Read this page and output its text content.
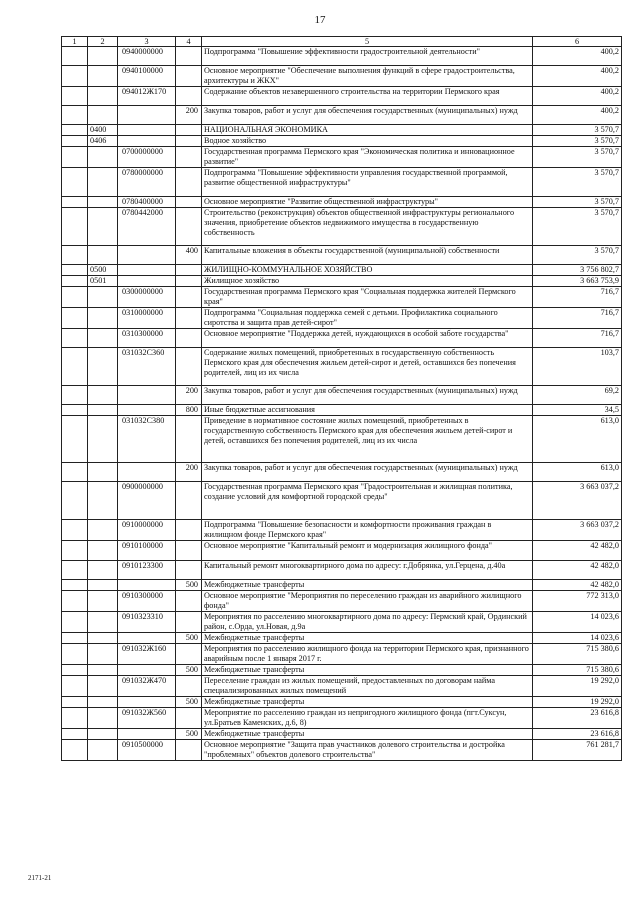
17
1	2	3	4	5	6
		0940000000		Подпрограмма "Повышение эффективности градостроительной деятельности"	400,2
		0940100000		Основное мероприятие "Обеспечение выполнения функций в сфере градостроительства, архитектуры и ЖКХ"	400,2
		094012Ж170		Содержание объектов незавершенного строительства на территории Пермского края	400,2
			200	Закупка товаров, работ и услуг для обеспечения государственных (муниципальных) нужд	400,2
	0400			НАЦИОНАЛЬНАЯ ЭКОНОМИКА	3 570,7
	0406			Водное хозяйство	3 570,7
		0700000000		Государственная программа Пермского края "Экономическая политика и инновационное развитие"	3 570,7
		0780000000		Подпрограмма "Повышение эффективности управления государственной программой, развитие общественной инфраструктуры"	3 570,7
		0780400000		Основное мероприятие "Развитие общественной инфраструктуры"	3 570,7
		0780442000		Строительство (реконструкция) объектов общественной инфраструктуры регионального значения, приобретение объектов недвижимого имущества в государственную собственность	3 570,7
			400	Капитальные вложения в объекты государственной (муниципальной) собственности	3 570,7
	0500			ЖИЛИЩНО-КОММУНАЛЬНОЕ ХОЗЯЙСТВО	3 756 802,7
	0501			Жилищное хозяйство	3 663 753,9
		0300000000		Государственная программа Пермского края "Социальная поддержка жителей Пермского края"	716,7
		0310000000		Подпрограмма "Социальная поддержка семей с детьми. Профилактика социального сиротства и защита прав детей-сирот"	716,7
		0310300000		Основное мероприятие "Поддержка детей, нуждающихся в особой заботе государства"	716,7
		031032С360		Содержание жилых помещений, приобретенных в государственную собственность Пермского края для обеспечения жильем детей-сирот и детей, оставшихся без попечения родителей, лиц из их числа	103,7
			200	Закупка товаров, работ и услуг для обеспечения государственных (муниципальных) нужд	69,2
			800	Иные бюджетные ассигнования	34,5
		031032С380		Приведение в нормативное состояние жилых помещений, приобретенных в государственную собственность Пермского края для обеспечения жильем детей-сирот и детей, оставшихся без попечения родителей, лиц из их числа	613,0
			200	Закупка товаров, работ и услуг для обеспечения государственных (муниципальных) нужд	613,0
		0900000000		Государственная программа Пермского края "Градостроительная и жилищная политика, создание условий для комфортной городской среды"	3 663 037,2
		0910000000		Подпрограмма "Повышение безопасности и комфортности проживания граждан в жилищном фонде Пермского края"	3 663 037,2
		0910100000		Основное мероприятие "Капитальный ремонт и модернизация жилищного фонда"	42 482,0
		0910123300		Капитальный ремонт многоквартирного дома по адресу: г.Добрянка, ул.Герцена, д.40а	42 482,0
			500	Межбюджетные трансферты	42 482,0
		0910300000		Основное мероприятие "Мероприятия по переселению граждан из аварийного жилищного фонда"	772 313,0
		0910323310		Мероприятия по расселению многоквартирного дома по адресу: Пермский край, Ординский район, с.Орда, ул.Новая, д.9а	14 023,6
			500	Межбюджетные трансферты	14 023,6
		091032Ж160		Мероприятия по расселению жилищного фонда на территории Пермского края, признанного аварийным после 1 января 2017 г.	715 380,6
			500	Межбюджетные трансферты	715 380,6
		091032Ж470		Переселение граждан из жилых помещений, предоставленных по договорам найма специализированных жилых помещений	19 292,0
			500	Межбюджетные трансферты	19 292,0
		091032Ж560		Мероприятие по расселению граждан из непригодного жилищного фонда (пгт.Суксун, ул.Братьев Каменских, д.6, 8)	23 616,8
			500	Межбюджетные трансферты	23 616,8
		0910500000		Основное мероприятие "Защита прав участников долевого строительства и достройка "проблемных" объектов долевого строительства"	761 281,7
2171-21
